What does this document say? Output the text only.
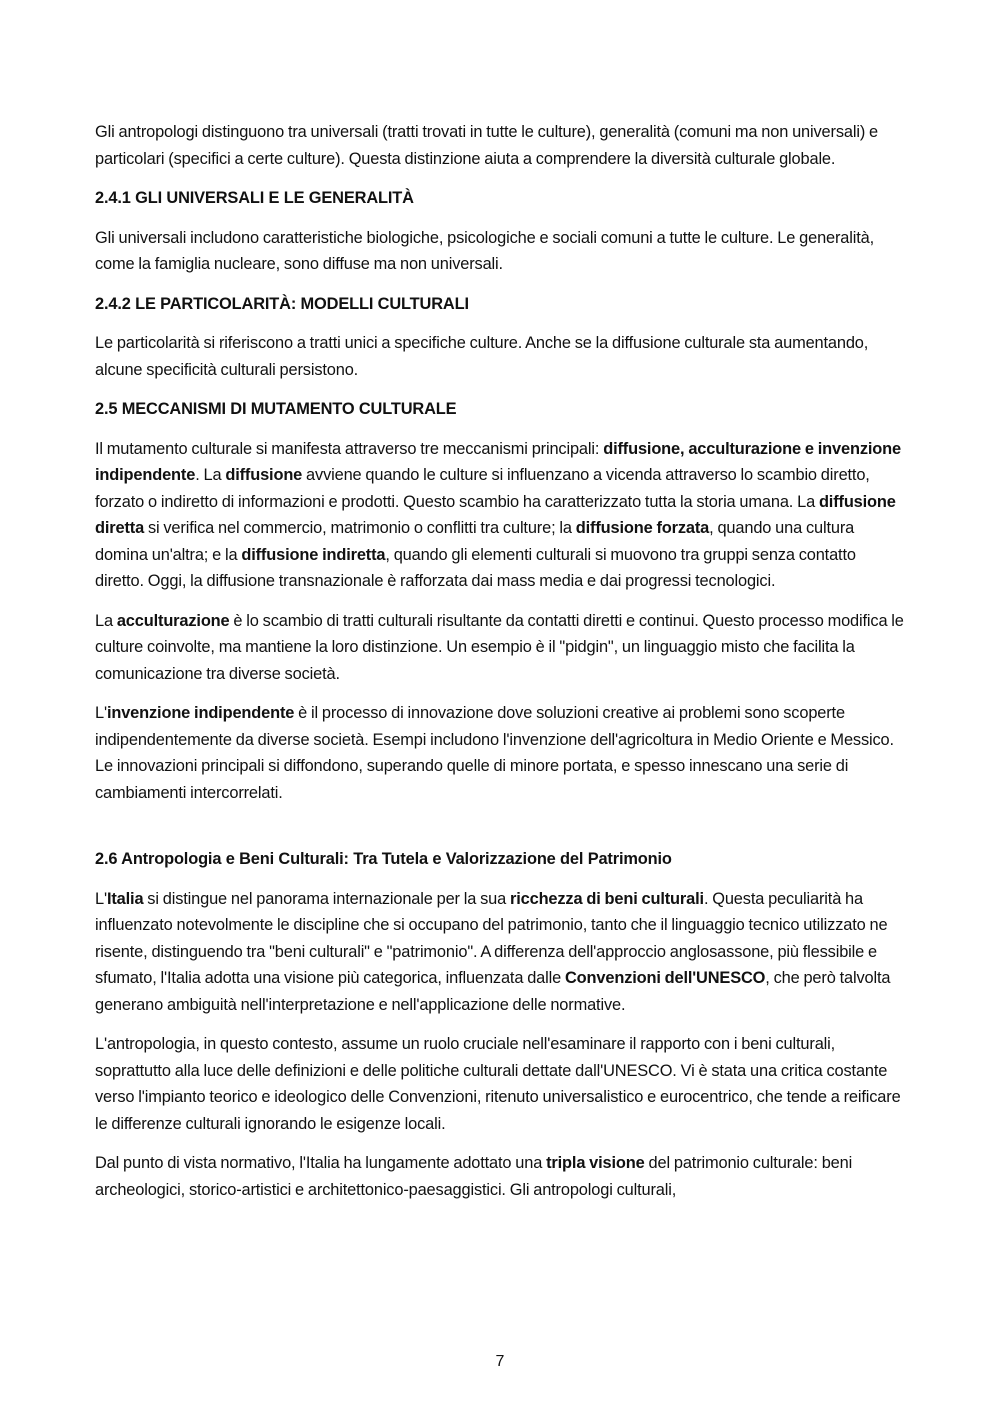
Gli antropologi distinguono tra universali (tratti trovati in tutte le culture), generalità (comuni ma non universali) e particolari (specifici a certe culture). Questa distinzione aiuta a comprendere la diversità culturale globale.

2.4.1 GLI UNIVERSALI E LE GENERALITÀ

Gli universali includono caratteristiche biologiche, psicologiche e sociali comuni a tutte le culture. Le generalità, come la famiglia nucleare, sono diffuse ma non universali.

2.4.2 LE PARTICOLARITÀ: MODELLI CULTURALI

Le particolarità si riferiscono a tratti unici a specifiche culture. Anche se la diffusione culturale sta aumentando, alcune specificità culturali persistono.

2.5 MECCANISMI DI MUTAMENTO CULTURALE

Il mutamento culturale si manifesta attraverso tre meccanismi principali: diffusione, acculturazione e invenzione indipendente. La diffusione avviene quando le culture si influenzano a vicenda attraverso lo scambio diretto, forzato o indiretto di informazioni e prodotti. Questo scambio ha caratterizzato tutta la storia umana. La diffusione diretta si verifica nel commercio, matrimonio o conflitti tra culture; la diffusione forzata, quando una cultura domina un'altra; e la diffusione indiretta, quando gli elementi culturali si muovono tra gruppi senza contatto diretto. Oggi, la diffusione transnazionale è rafforzata dai mass media e dai progressi tecnologici.

La acculturazione è lo scambio di tratti culturali risultante da contatti diretti e continui. Questo processo modifica le culture coinvolte, ma mantiene la loro distinzione. Un esempio è il "pidgin", un linguaggio misto che facilita la comunicazione tra diverse società.

L'invenzione indipendente è il processo di innovazione dove soluzioni creative ai problemi sono scoperte indipendentemente da diverse società. Esempi includono l'invenzione dell'agricoltura in Medio Oriente e Messico. Le innovazioni principali si diffondono, superando quelle di minore portata, e spesso innescano una serie di cambiamenti intercorrelati.

2.6 Antropologia e Beni Culturali: Tra Tutela e Valorizzazione del Patrimonio

L'Italia si distingue nel panorama internazionale per la sua ricchezza di beni culturali. Questa peculiarità ha influenzato notevolmente le discipline che si occupano del patrimonio, tanto che il linguaggio tecnico utilizzato ne risente, distinguendo tra "beni culturali" e "patrimonio". A differenza dell'approccio anglosassone, più flessibile e sfumato, l'Italia adotta una visione più categorica, influenzata dalle Convenzioni dell'UNESCO, che però talvolta generano ambiguità nell'interpretazione e nell'applicazione delle normative.

L'antropologia, in questo contesto, assume un ruolo cruciale nell'esaminare il rapporto con i beni culturali, soprattutto alla luce delle definizioni e delle politiche culturali dettate dall'UNESCO. Vi è stata una critica costante verso l'impianto teorico e ideologico delle Convenzioni, ritenuto universalistico e eurocentrico, che tende a reificare le differenze culturali ignorando le esigenze locali.

Dal punto di vista normativo, l'Italia ha lungamente adottato una tripla visione del patrimonio culturale: beni archeologici, storico-artistici e architettonico-paesaggistici. Gli antropologi culturali,

7
